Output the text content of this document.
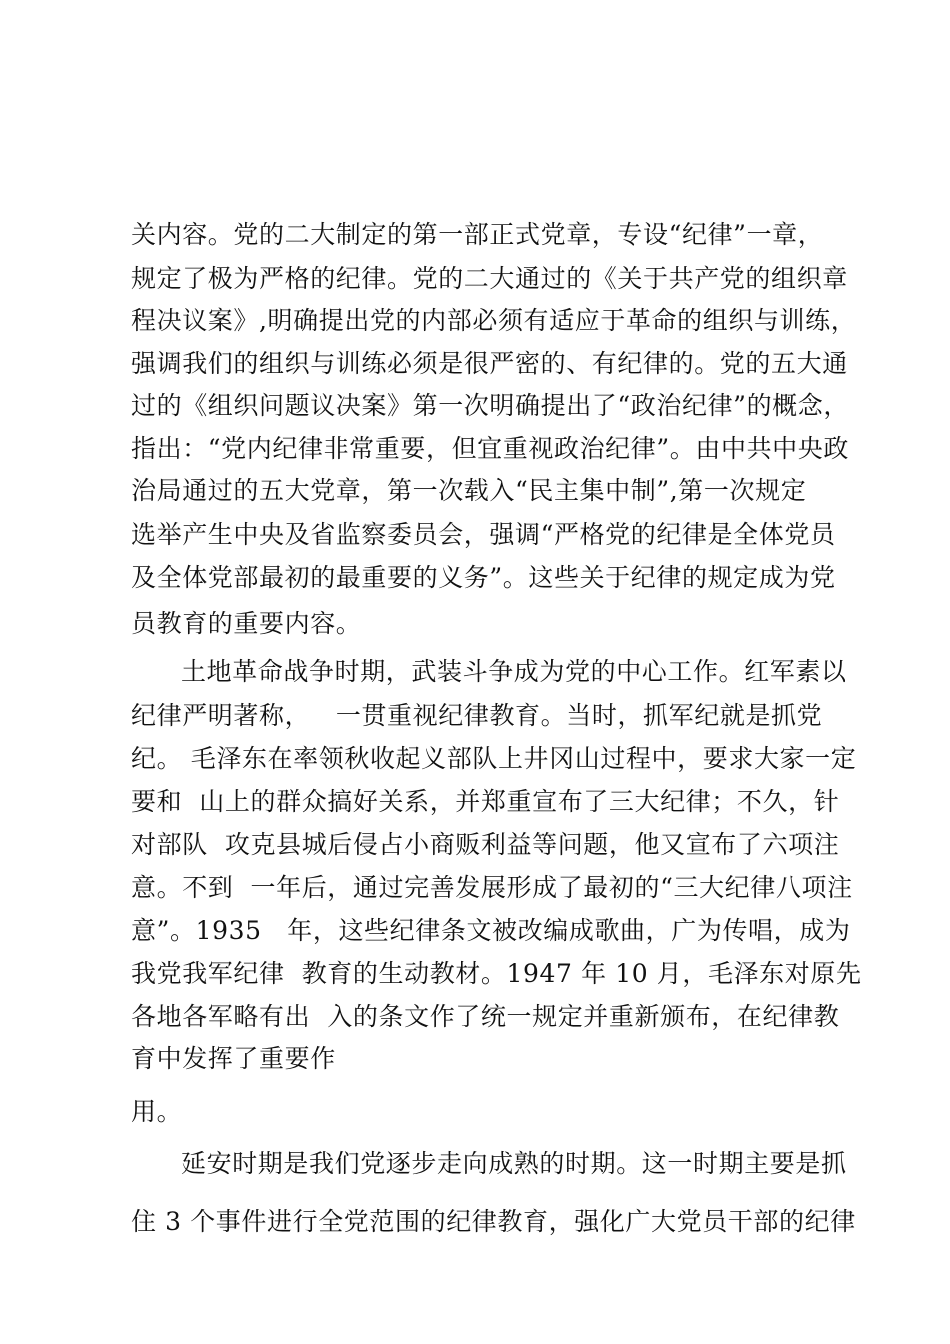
关内容。党的二大制定的第一部正式党章，专设“纪律”一章，
规定了极为严格的纪律。党的二大通过的《关于共产党的组织章
程决议案》,明确提出党的内部必须有适应于革命的组织与训练，
强调我们的组织与训练必须是很严密的、有纪律的。党的五大通
过的《组织问题议决案》第一次明确提出了“政治纪律”的概念，
指出：“党内纪律非常重要，但宜重视政治纪律”。由中共中央政
治局通过的五大党章，第一次载入“民主集中制”,第一次规定
选举产生中央及省监察委员会，强调“严格党的纪律是全体党员
及全体党部最初的最重要的义务”。这些关于纪律的规定成为党
员教育的重要内容。
土地革命战争时期，武装斗争成为党的中心工作。红军素以
纪律严明著称，   一贯重视纪律教育。当时，抓军纪就是抓党
纪。 毛泽东在率领秋收起义部队上井冈山过程中，要求大家一定
要和  山上的群众搞好关系，并郑重宣布了三大纪律；不久，针
对部队  攻克县城后侵占小商贩利益等问题，他又宣布了六项注
意。不到  一年后，通过完善发展形成了最初的“三大纪律八项注
意”。1935   年，这些纪律条文被改编成歌曲，广为传唱，成为
我党我军纪律  教育的生动教材。1947 年 10 月，毛泽东对原先
各地各军略有出  入的条文作了统一规定并重新颁布，在纪律教
育中发挥了重要作
用。
延安时期是我们党逐步走向成熟的时期。这一时期主要是抓
住 3 个事件进行全党范围的纪律教育，强化广大党员干部的纪律
